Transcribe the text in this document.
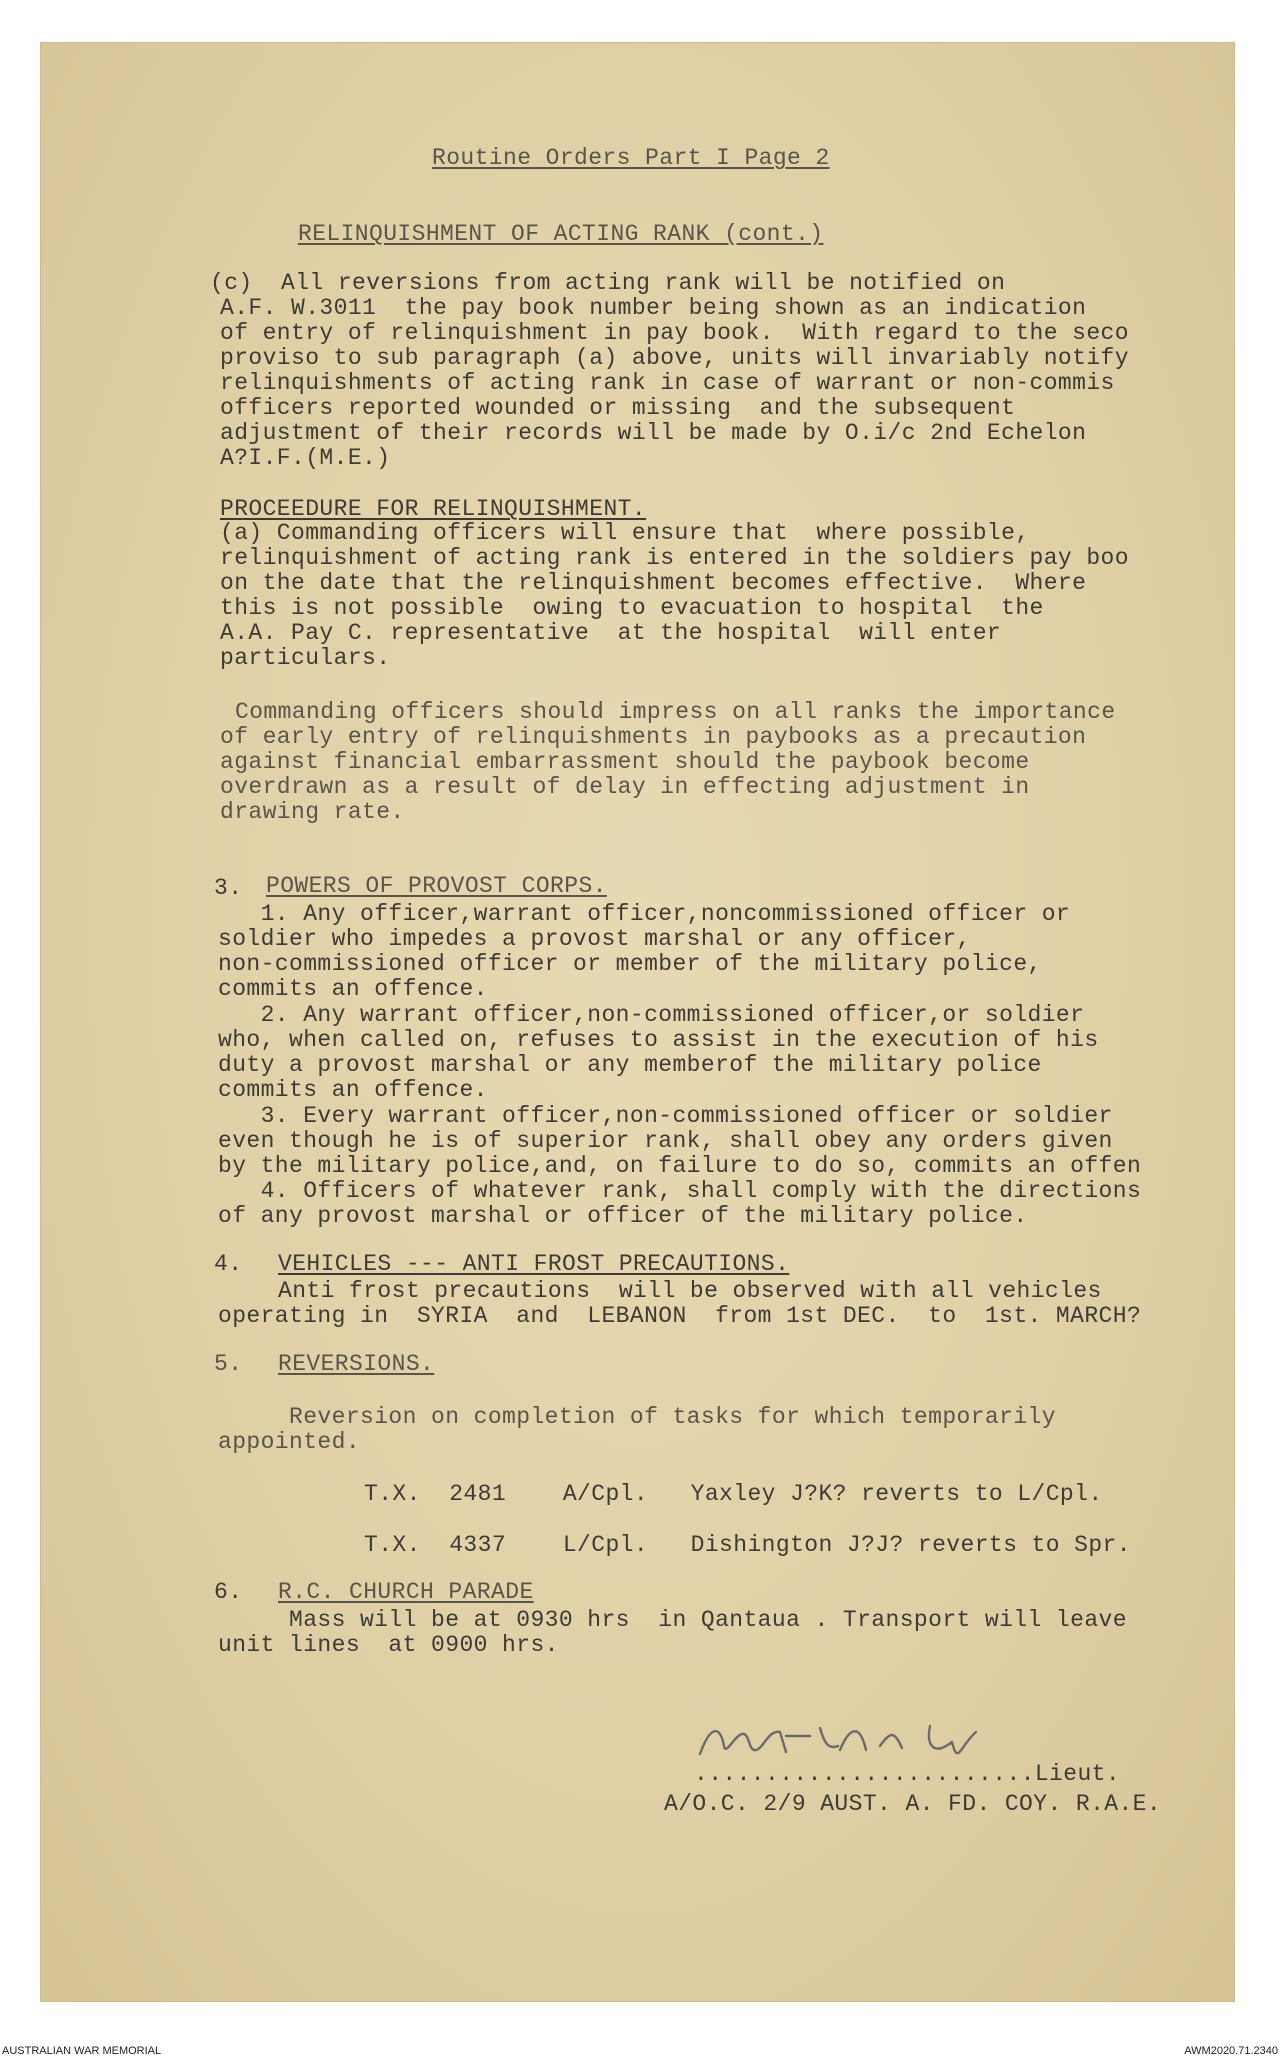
Routine Orders Part I Page 2
RELINQUISHMENT OF ACTING RANK (cont.)
(c)  All reversions from acting rank will be notified on
A.F. W.3011  the pay book number being shown as an indication
of entry of relinquishment in pay book.  With regard to the seco
proviso to sub paragraph (a) above, units will invariably notify
relinquishments of acting rank in case of warrant or non-commis
officers reported wounded or missing  and the subsequent
adjustment of their records will be made by O.i/c 2nd Echelon
A?I.F.(M.E.)
PROCEEDURE FOR RELINQUISHMENT.
(a) Commanding officers will ensure that  where possible,
relinquishment of acting rank is entered in the soldiers pay boo
on the date that the relinquishment becomes effective.  Where
this is not possible  owing to evacuation to hospital  the
A.A. Pay C. representative  at the hospital  will enter
particulars.
Commanding officers should impress on all ranks the importance
of early entry of relinquishments in paybooks as a precaution
against financial embarrassment should the paybook become
overdrawn as a result of delay in effecting adjustment in
drawing rate.
3. POWERS OF PROVOST CORPS.
1. Any officer,warrant officer,noncommissioned officer or
soldier who impedes a provost marshal or any officer,
non-commissioned officer or member of the military police,
commits an offence.
2. Any warrant officer,non-commissioned officer,or soldier
who, when called on, refuses to assist in the execution of his
duty a provost marshal or any memberof the military police
commits an offence.
3. Every warrant officer,non-commissioned officer or soldier
even though he is of superior rank, shall obey any orders given
by the military police,and, on failure to do so, commits an offen
4. Officers of whatever rank, shall comply with the directions
of any provost marshal or officer of the military police.
4. VEHICLES --- ANTI FROST PRECAUTIONS.
Anti frost precautions  will be observed with all vehicles
operating in  SYRIA  and  LEBANON  from 1st DEC.  to  1st. MARCH?
5. REVERSIONS.
Reversion on completion of tasks for which temporarily
appointed.
T.X.  2481    A/Cpl.   Yaxley J?K? reverts to L/Cpl.
T.X.  4337    L/Cpl.   Dishington J?J? reverts to Spr.
6. R.C. CHURCH PARADE
Mass will be at 0930 hrs  in Qantaua . Transport will leave
unit lines  at 0900 hrs.
........................Lieut.
A/O.C. 2/9 AUST. A. FD. COY. R.A.E.
AUSTRALIAN WAR MEMORIAL	AWM2020.71.2340
